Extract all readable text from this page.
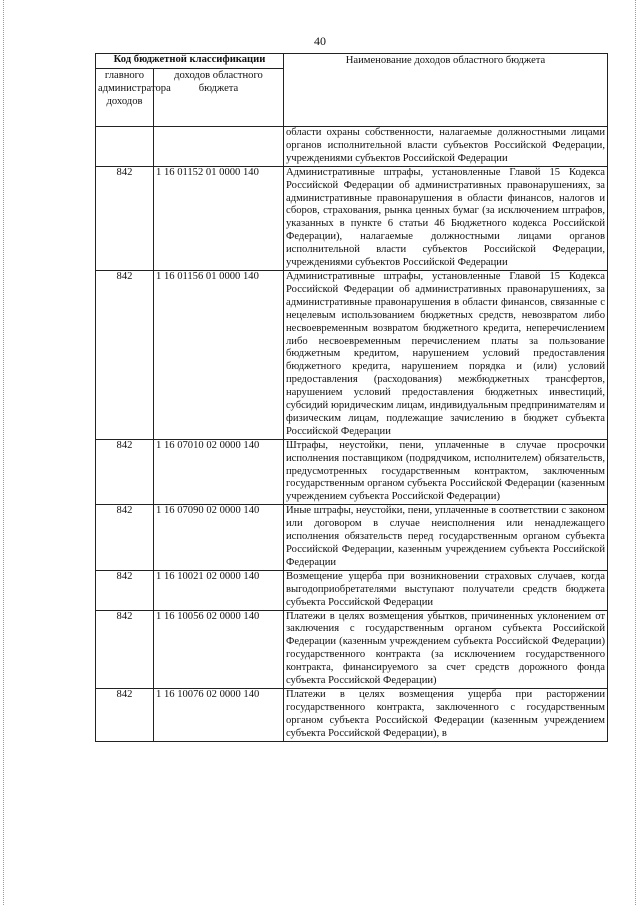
40
Код бюджетной классификации		Наименование доходов областного бюджета
главного администратора доходов	доходов областного бюджета	
		области охраны собственности, налагаемые должностными лицами органов исполнительной власти субъектов Российской Федерации, учреждениями субъектов Российской Федерации
842	1 16 01152 01 0000 140	Административные штрафы, установленные Главой 15 Кодекса Российской Федерации об административных правонарушениях, за административные правонарушения в области финансов, налогов и сборов, страхования, рынка ценных бумаг (за исключением штрафов, указанных в пункте 6 статьи 46 Бюджетного кодекса Российской Федерации), налагаемые должностными лицами органов исполнительной власти субъектов Российской Федерации, учреждениями субъектов Российской Федерации
842	1 16 01156 01 0000 140	Административные штрафы, установленные Главой 15 Кодекса Российской Федерации об административных правонарушениях, за административные правонарушения в области финансов, связанные с нецелевым использованием бюджетных средств, невозвратом либо несвоевременным возвратом бюджетного кредита, неперечислением либо несвоевременным перечислением платы за пользование бюджетным кредитом, нарушением условий предоставления бюджетного кредита, нарушением порядка и (или) условий предоставления (расходования) межбюджетных трансфертов, нарушением условий предоставления бюджетных инвестиций, субсидий юридическим лицам, индивидуальным предпринимателям и физическим лицам, подлежащие зачислению в бюджет субъекта Российской Федерации
842	1 16 07010 02 0000 140	Штрафы, неустойки, пени, уплаченные в случае просрочки исполнения поставщиком (подрядчиком, исполнителем) обязательств, предусмотренных государственным контрактом, заключенным государственным органом субъекта Российской Федерации (казенным учреждением субъекта Российской Федерации)
842	1 16 07090 02 0000 140	Иные штрафы, неустойки, пени, уплаченные в соответствии с законом или договором в случае неисполнения или ненадлежащего исполнения обязательств перед государственным органом субъекта Российской Федерации, казенным учреждением субъекта Российской Федерации
842	1 16 10021 02 0000 140	Возмещение ущерба при возникновении страховых случаев, когда выгодоприобретателями выступают получатели средств бюджета субъекта Российской Федерации
842	1 16 10056 02 0000 140	Платежи в целях возмещения убытков, причиненных уклонением от заключения с государственным органом субъекта Российской Федерации (казенным учреждением субъекта Российской Федерации) государственного контракта (за исключением государственного контракта, финансируемого за счет средств дорожного фонда субъекта Российской Федерации)
842	1 16 10076 02 0000 140	Платежи в целях возмещения ущерба при расторжении государственного контракта, заключенного с государственным органом субъекта Российской Федерации (казенным учреждением субъекта Российской Федерации), в
